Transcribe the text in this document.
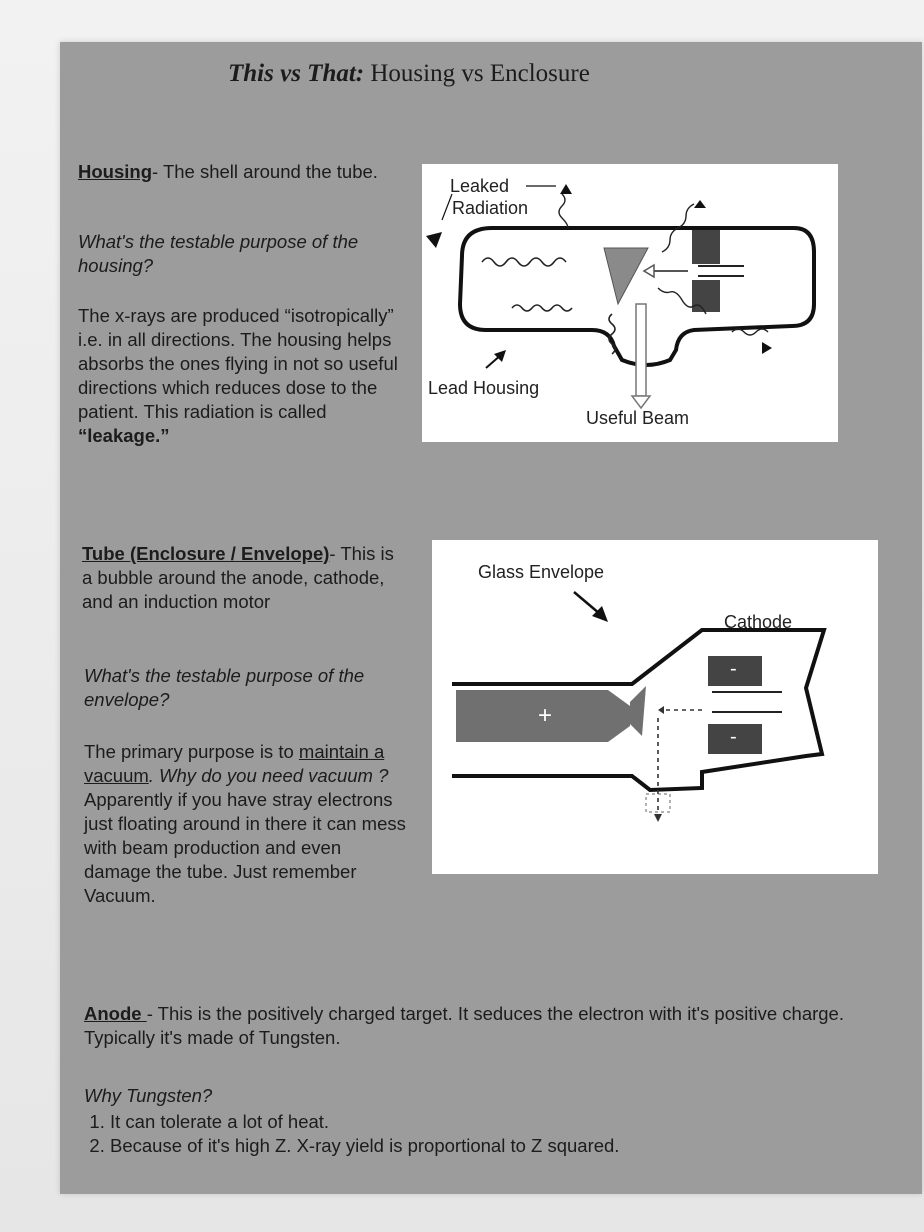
This vs That: Housing vs Enclosure

Housing- The shell around the tube.

What's the testable purpose of the housing?

The x-rays are produced “isotropically” i.e. in all directions. The housing helps absorbs the ones flying in not so useful directions which reduces dose to the patient. This radiation is called “leakage.”

Leaked
Radiation
Lead Housing
Useful Beam

Tube (Enclosure / Envelope)- This is a bubble around the anode, cathode, and an induction motor

What's the testable purpose of the envelope?

The primary purpose is to maintain a vacuum. Why do you need vacuum ? Apparently if you have stray electrons just floating around in there it can mess with beam production and even damage the tube. Just remember Vacuum.

Glass Envelope
Cathode
+
-
-

Anode - This is the positively charged target. It seduces the electron with it's positive charge. Typically it's made of Tungsten.

Why Tungsten?
1. It can tolerate a lot of heat.
2. Because of it's high Z. X-ray yield is proportional to Z squared.
